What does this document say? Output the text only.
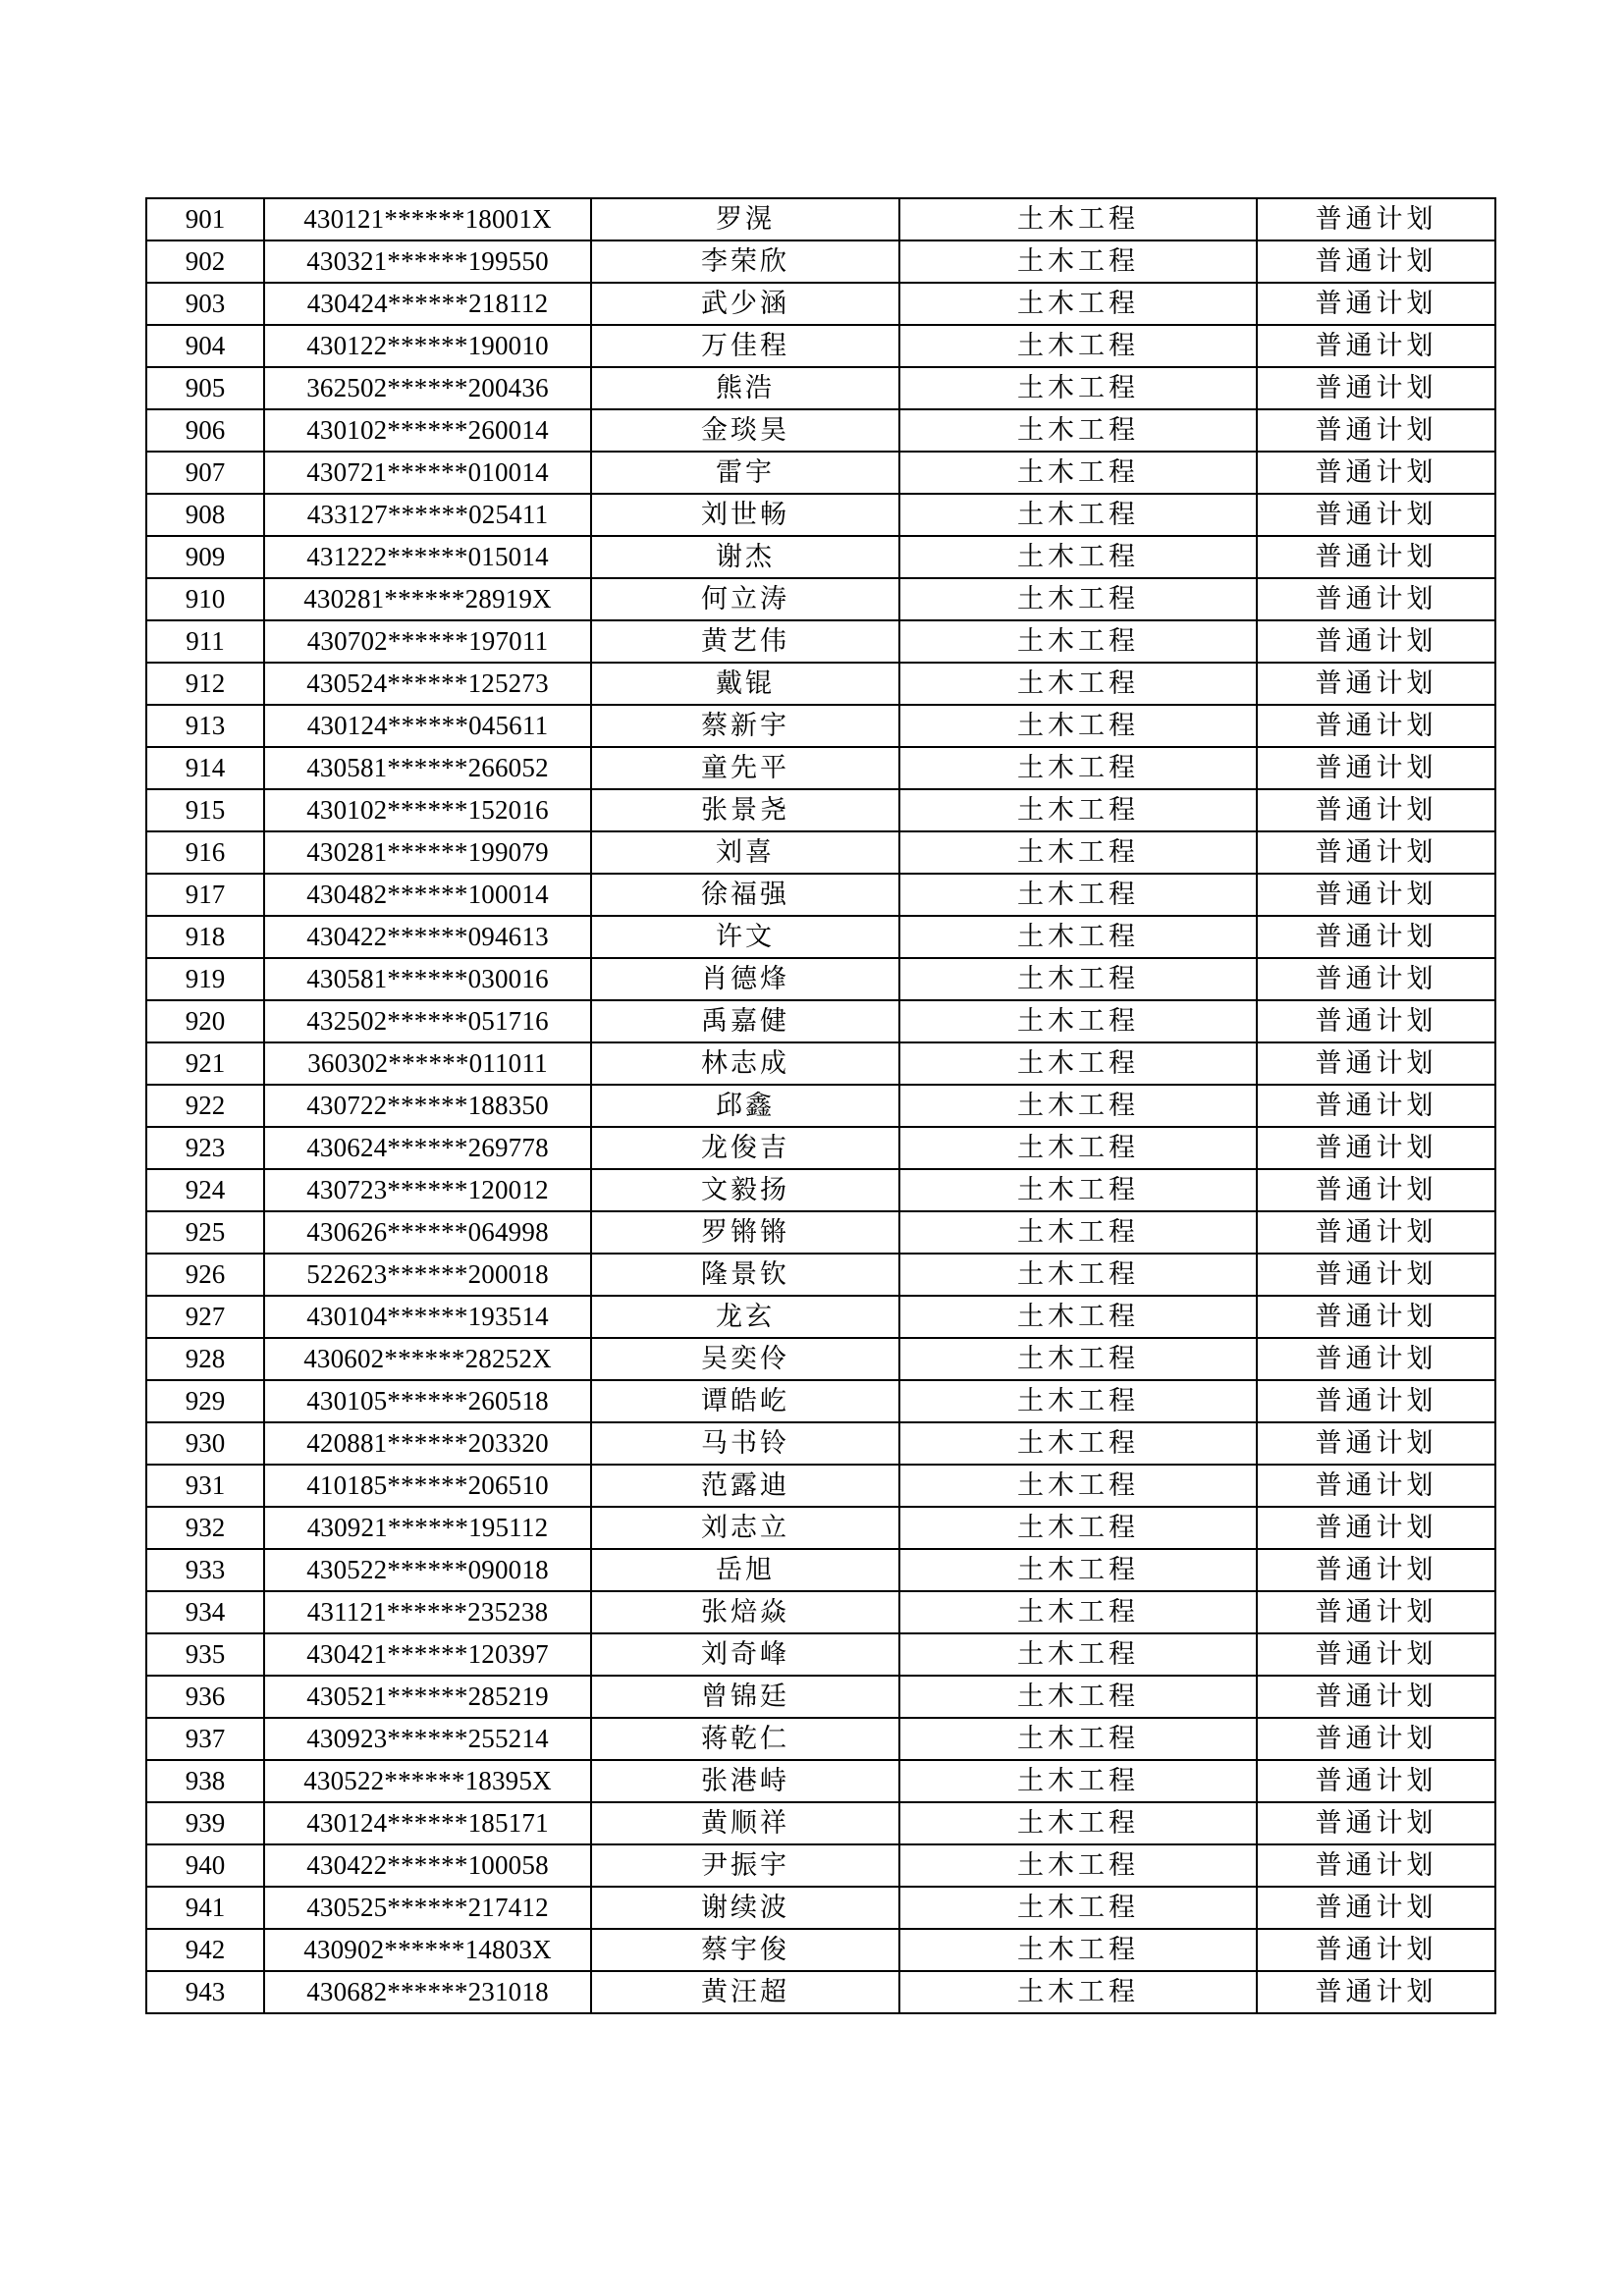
901	430121******18001X	罗滉	土木工程	普通计划
902	430321******199550	李荣欣	土木工程	普通计划
903	430424******218112	武少涵	土木工程	普通计划
904	430122******190010	万佳程	土木工程	普通计划
905	362502******200436	熊浩	土木工程	普通计划
906	430102******260014	金琰昊	土木工程	普通计划
907	430721******010014	雷宇	土木工程	普通计划
908	433127******025411	刘世畅	土木工程	普通计划
909	431222******015014	谢杰	土木工程	普通计划
910	430281******28919X	何立涛	土木工程	普通计划
911	430702******197011	黄艺伟	土木工程	普通计划
912	430524******125273	戴锟	土木工程	普通计划
913	430124******045611	蔡新宇	土木工程	普通计划
914	430581******266052	童先平	土木工程	普通计划
915	430102******152016	张景尧	土木工程	普通计划
916	430281******199079	刘喜	土木工程	普通计划
917	430482******100014	徐福强	土木工程	普通计划
918	430422******094613	许文	土木工程	普通计划
919	430581******030016	肖德烽	土木工程	普通计划
920	432502******051716	禹嘉健	土木工程	普通计划
921	360302******011011	林志成	土木工程	普通计划
922	430722******188350	邱鑫	土木工程	普通计划
923	430624******269778	龙俊吉	土木工程	普通计划
924	430723******120012	文毅扬	土木工程	普通计划
925	430626******064998	罗锵锵	土木工程	普通计划
926	522623******200018	隆景钦	土木工程	普通计划
927	430104******193514	龙玄	土木工程	普通计划
928	430602******28252X	吴奕伶	土木工程	普通计划
929	430105******260518	谭皓屹	土木工程	普通计划
930	420881******203320	马书铃	土木工程	普通计划
931	410185******206510	范露迪	土木工程	普通计划
932	430921******195112	刘志立	土木工程	普通计划
933	430522******090018	岳旭	土木工程	普通计划
934	431121******235238	张焙焱	土木工程	普通计划
935	430421******120397	刘奇峰	土木工程	普通计划
936	430521******285219	曾锦廷	土木工程	普通计划
937	430923******255214	蒋乾仁	土木工程	普通计划
938	430522******18395X	张港峙	土木工程	普通计划
939	430124******185171	黄顺祥	土木工程	普通计划
940	430422******100058	尹振宇	土木工程	普通计划
941	430525******217412	谢续波	土木工程	普通计划
942	430902******14803X	蔡宇俊	土木工程	普通计划
943	430682******231018	黄汪超	土木工程	普通计划
